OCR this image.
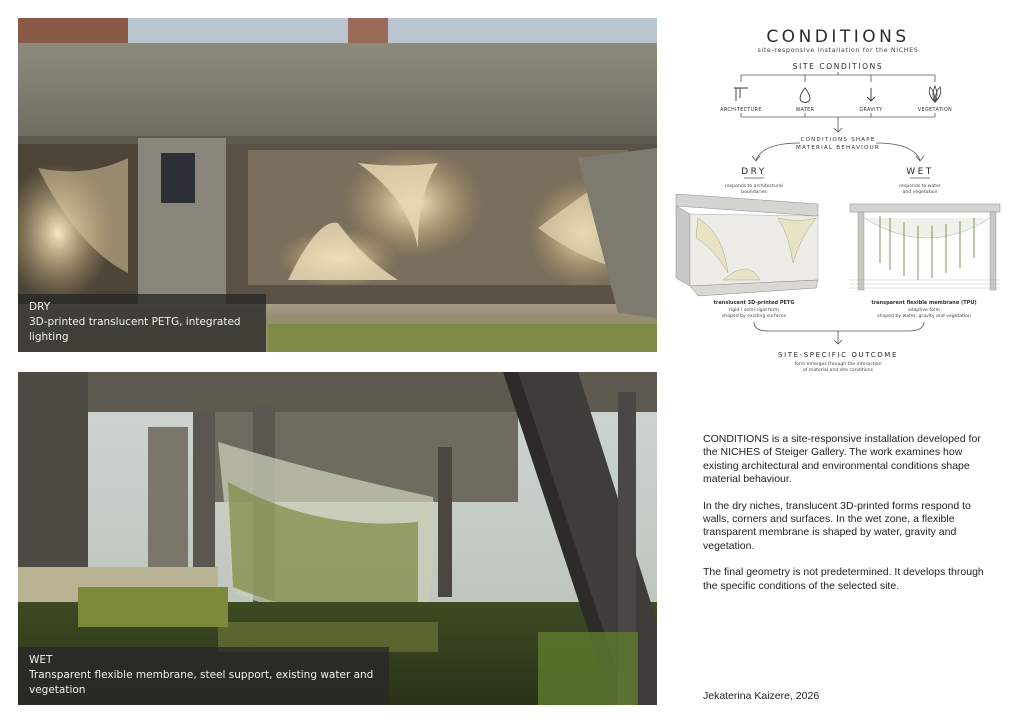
DRY
3D-printed translucent PETG, integrated lighting
WET
Transparent flexible membrane, steel support, existing water and vegetation
CONDITIONS
site-responsive installation for the NICHES
SITE CONDITIONS
ARCHITECTURE	WATER	GRAVITY	VEGETATION
CONDITIONS SHAPE
MATERIAL BEHAVIOUR
DRY	WET
responds to architectural
boundaries
responds to water
and vegetation
translucent 3D-printed PETG
rigid / semi-rigid form
shaped by existing surfaces
transparent flexible membrane (TPU)
adaptive form
shaped by water, gravity and vegetation
SITE-SPECIFIC OUTCOME
form emerges through the interaction
of material and site conditions

CONDITIONS is a site-responsive installation developed for the NICHES of Steiger Gallery. The work examines how existing architectural and environmental conditions shape material behaviour.

In the dry niches, translucent 3D-printed forms respond to walls, corners and surfaces. In the wet zone, a flexible transparent membrane is shaped by water, gravity and vegetation.

The final geometry is not predetermined. It develops through the specific conditions of the selected site.

Jekaterina Kaizere, 2026
